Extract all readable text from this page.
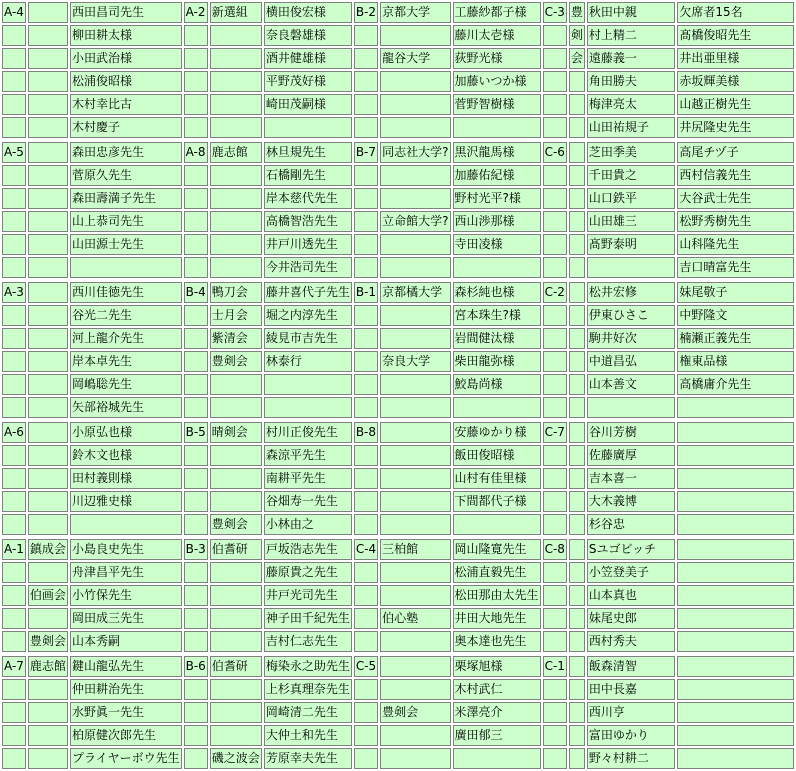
A-4		西田昌司先生	A-2	新選組	横田俊宏様	B-2	京都大学	工藤紗都子様	C-3	豊	秋田中親	欠席者15名
		柳田耕太様			奈良磐雄様			藤川太壱様		剣	村上精二	髙橋俊昭先生
		小田武治様			酒井健雄様		龍谷大学	荻野光様		会	遠藤義一	井出亜里様
		松浦俊昭様			平野茂好様			加藤いつか様			角田勝夫	赤坂輝美様
		木村幸比古			崎田茂嗣様			菅野智樹様			梅津亮太	山越正樹先生
		木村慶子									山田祐規子	井尻隆史先生

A-5		森田忠彦先生	A-8	鹿志館	林旦規先生	B-7	同志社大学?	黒沢龍馬様	C-6		芝田季美	高尾チヅ子
		菅原久先生			石橋剛先生			加藤佑紀様			千田貴之	西村信義先生
		森田壽満子先生			岸本慈代先生			野村光平?様			山口鉄平	大谷武士先生
		山上恭司先生			高橋智浩先生		立命館大学?	西山渉那様			山田雄三	松野秀樹先生
		山田源士先生			井戸川透先生			寺田凌様			髙野泰明	山科隆先生
					今井浩司先生							吉口晴富先生

A-3		西川佳徳先生	B-4	鴨刀会	藤井喜代子先生	B-1	京都橘大学	森杉純也様	C-2		松井宏修	妹尾敬子
		谷光二先生		士月会	堀之内淳先生			宮本珠生?様			伊東ひさこ	中野隆文
		河上龍介先生		紫清会	綾見市吉先生			岩間健汰様			駒井好次	楠瀬正義先生
		岸本卓先生		豊剣会	林泰行		奈良大学	柴田龍弥様			中道昌弘	権東品様
		岡嶋聡先生						鮫島尚様			山本善文	高橋庸介先生
		矢部裕城先生										

A-6		小原弘也様	B-5	晴剣会	村川正俊先生	B-8		安藤ゆかり様	C-7		谷川芳樹	
		鈴木文也様			森涼平先生			飯田俊昭様			佐藤廣厚	
		田村義則様			南耕平先生			山村有佳里様			吉本喜一	
		川辺雅史様			谷畑寿一先生			下間都代子様			大木義博	
				豊剣会	小林由之						杉谷忠	

A-1	鎮成会	小島良史先生	B-3	伯耆研	戸坂浩志先生	C-4	三柏館	岡山隆寛先生	C-8		Sユゴビッチ	
		舟津昌平先生			藤原貴之先生			松浦直毅先生			小笠登美子	
	伯画会	小竹保先生			井戸光司先生			松田那由太先生			山本真也	
		岡田成三先生			神子田千紀先生		伯心塾	井田大地先生			妹尾史郎	
	豊剣会	山本秀嗣			吉村仁志先生			奥本達也先生			西村秀夫	

A-7	鹿志館	鍵山龍弘先生	B-6	伯耆研	梅染永之助先生	C-5		栗塚旭様	C-1		飯森清智	
		仲田耕治先生			上杉真理奈先生			木村武仁			田中長嘉	
		水野眞一先生			岡崎清二先生		豊剣会	米澤亮介			西川亨	
		柏原健次郎先生			大仲土和先生			廣田郁三			富田ゆかり	
		プライヤーボウ先生		磯之波会	芳原幸夫先生						野々村耕二	
